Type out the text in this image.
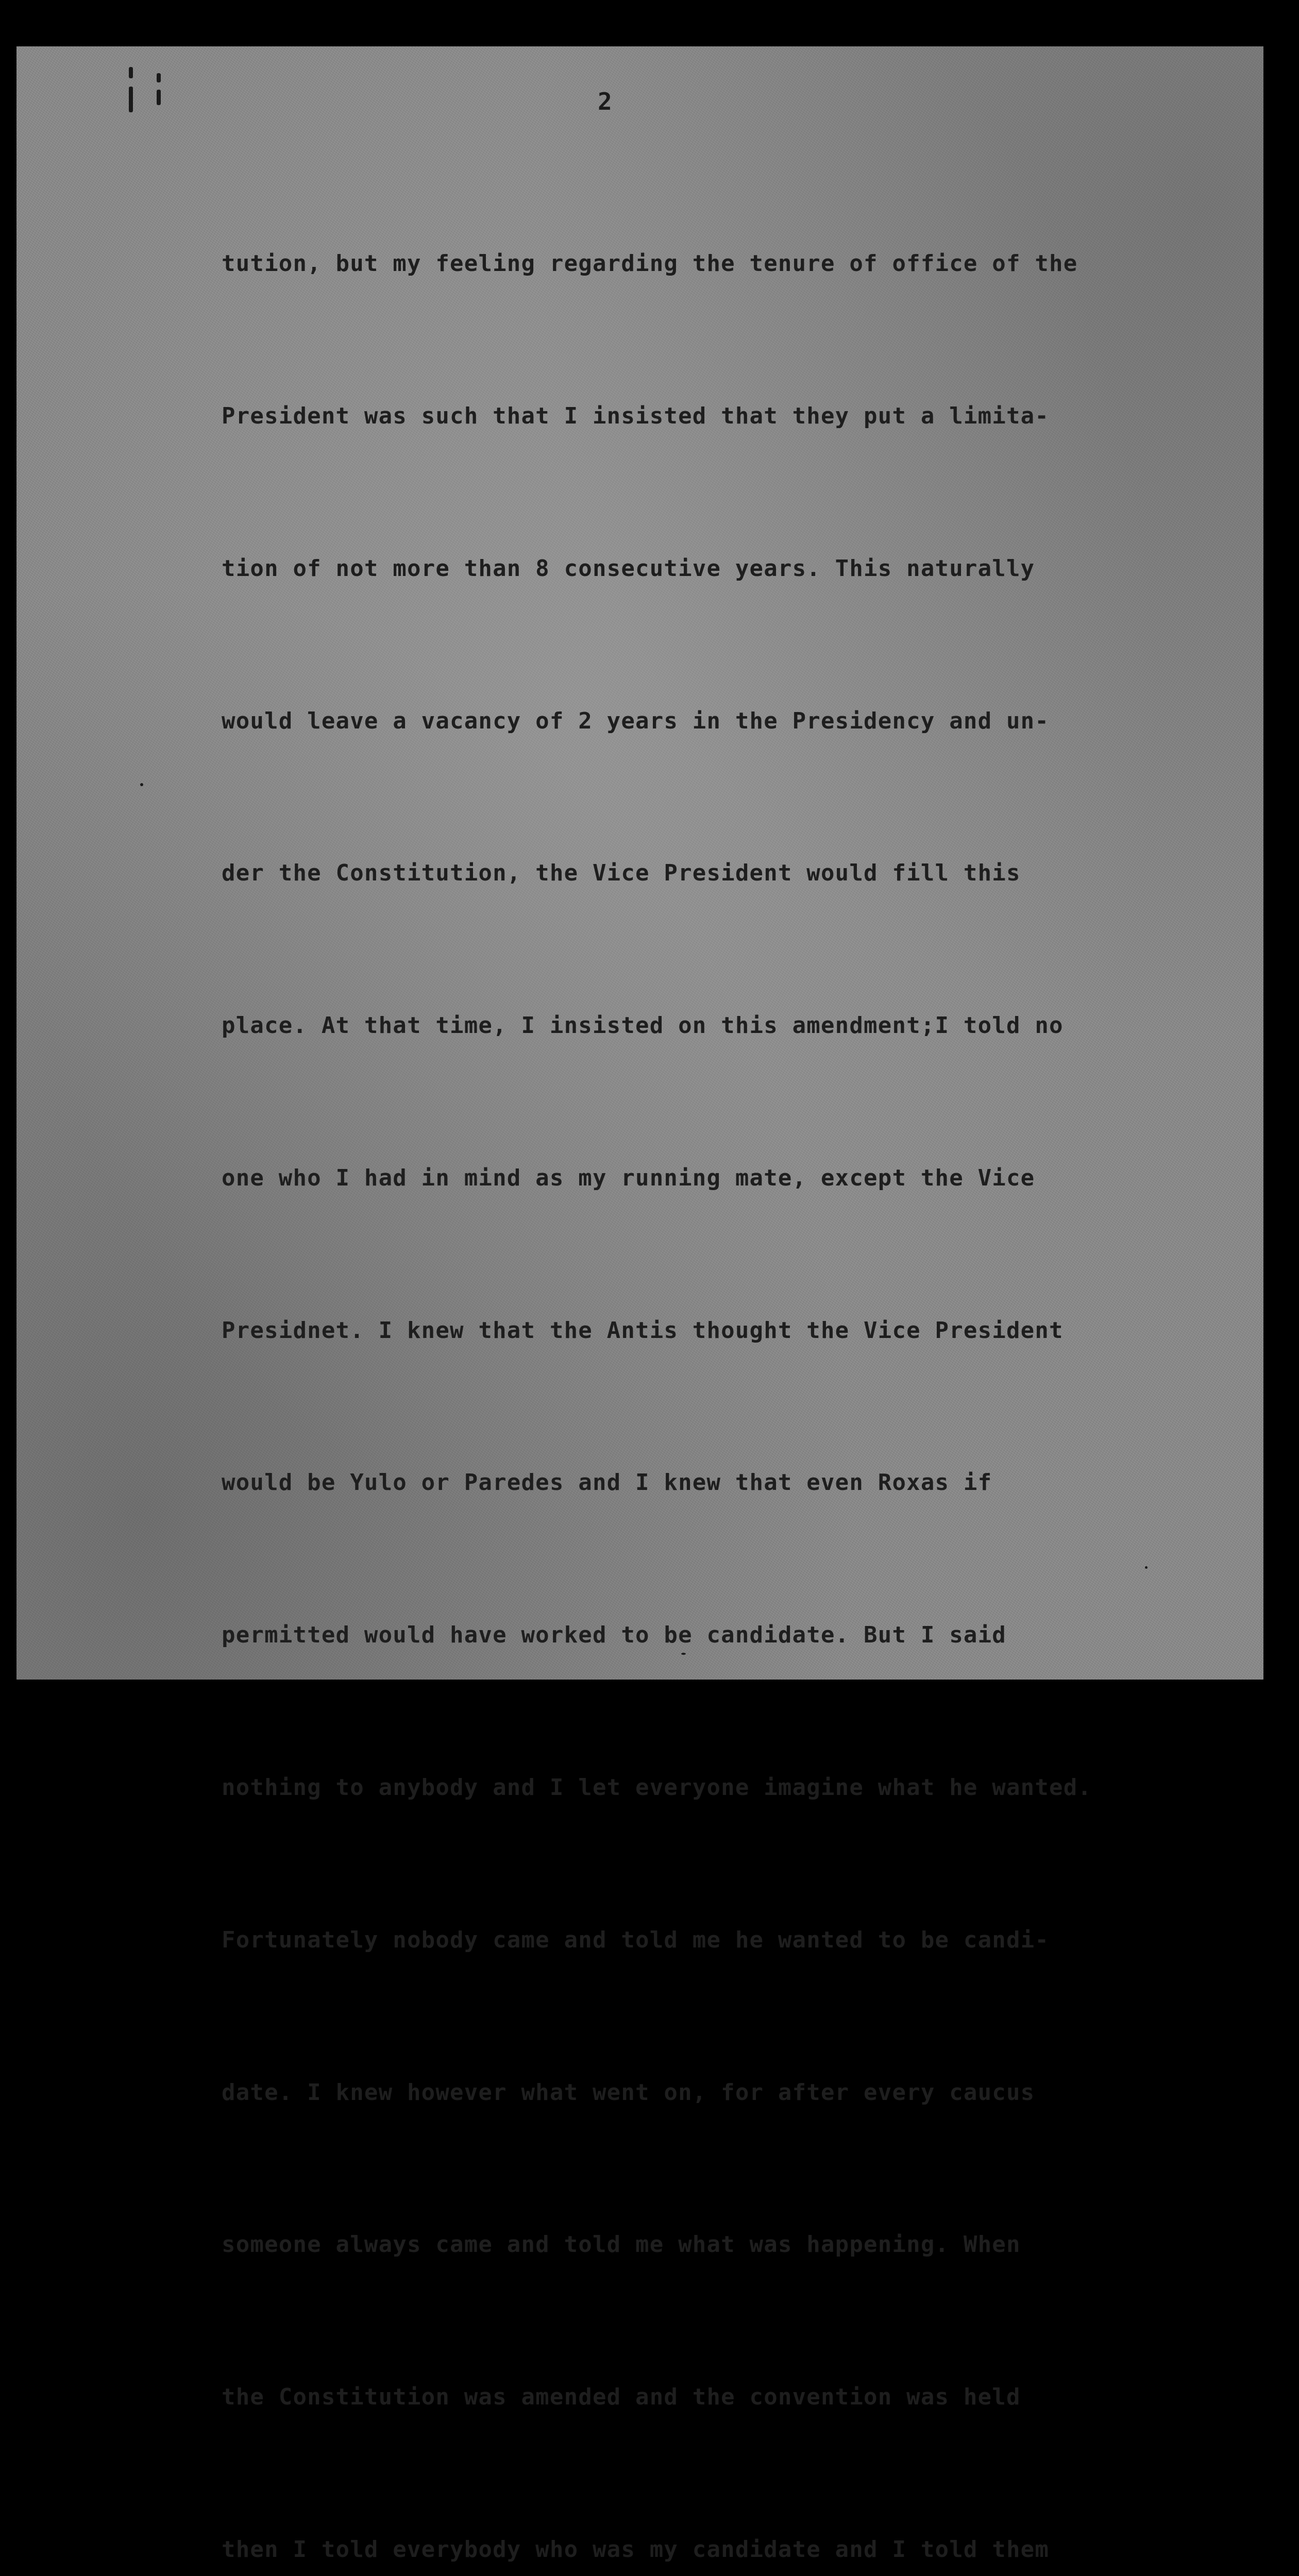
2

tution, but my feeling regarding the tenure of office of the

President was such that I insisted that they put a limita-

tion of not more than 8 consecutive years. This naturally

would leave a vacancy of 2 years in the Presidency and un-

der the Constitution, the Vice President would fill this

place. At that time, I insisted on this amendment;I told no

one who I had in mind as my running mate, except the Vice

Presidnet. I knew that the Antis thought the Vice President

would be Yulo or Paredes and I knew that even Roxas if

permitted would have worked to be candidate. But I said

nothing to anybody and I let everyone imagine what he wanted.

Fortunately nobody came and told me he wanted to be candi-

date. I knew however what went on, for after every caucus

someone always came and told me what was happening. When

the Constitution was amended and the convention was held

then I told everybody who was my candidate and I told them
